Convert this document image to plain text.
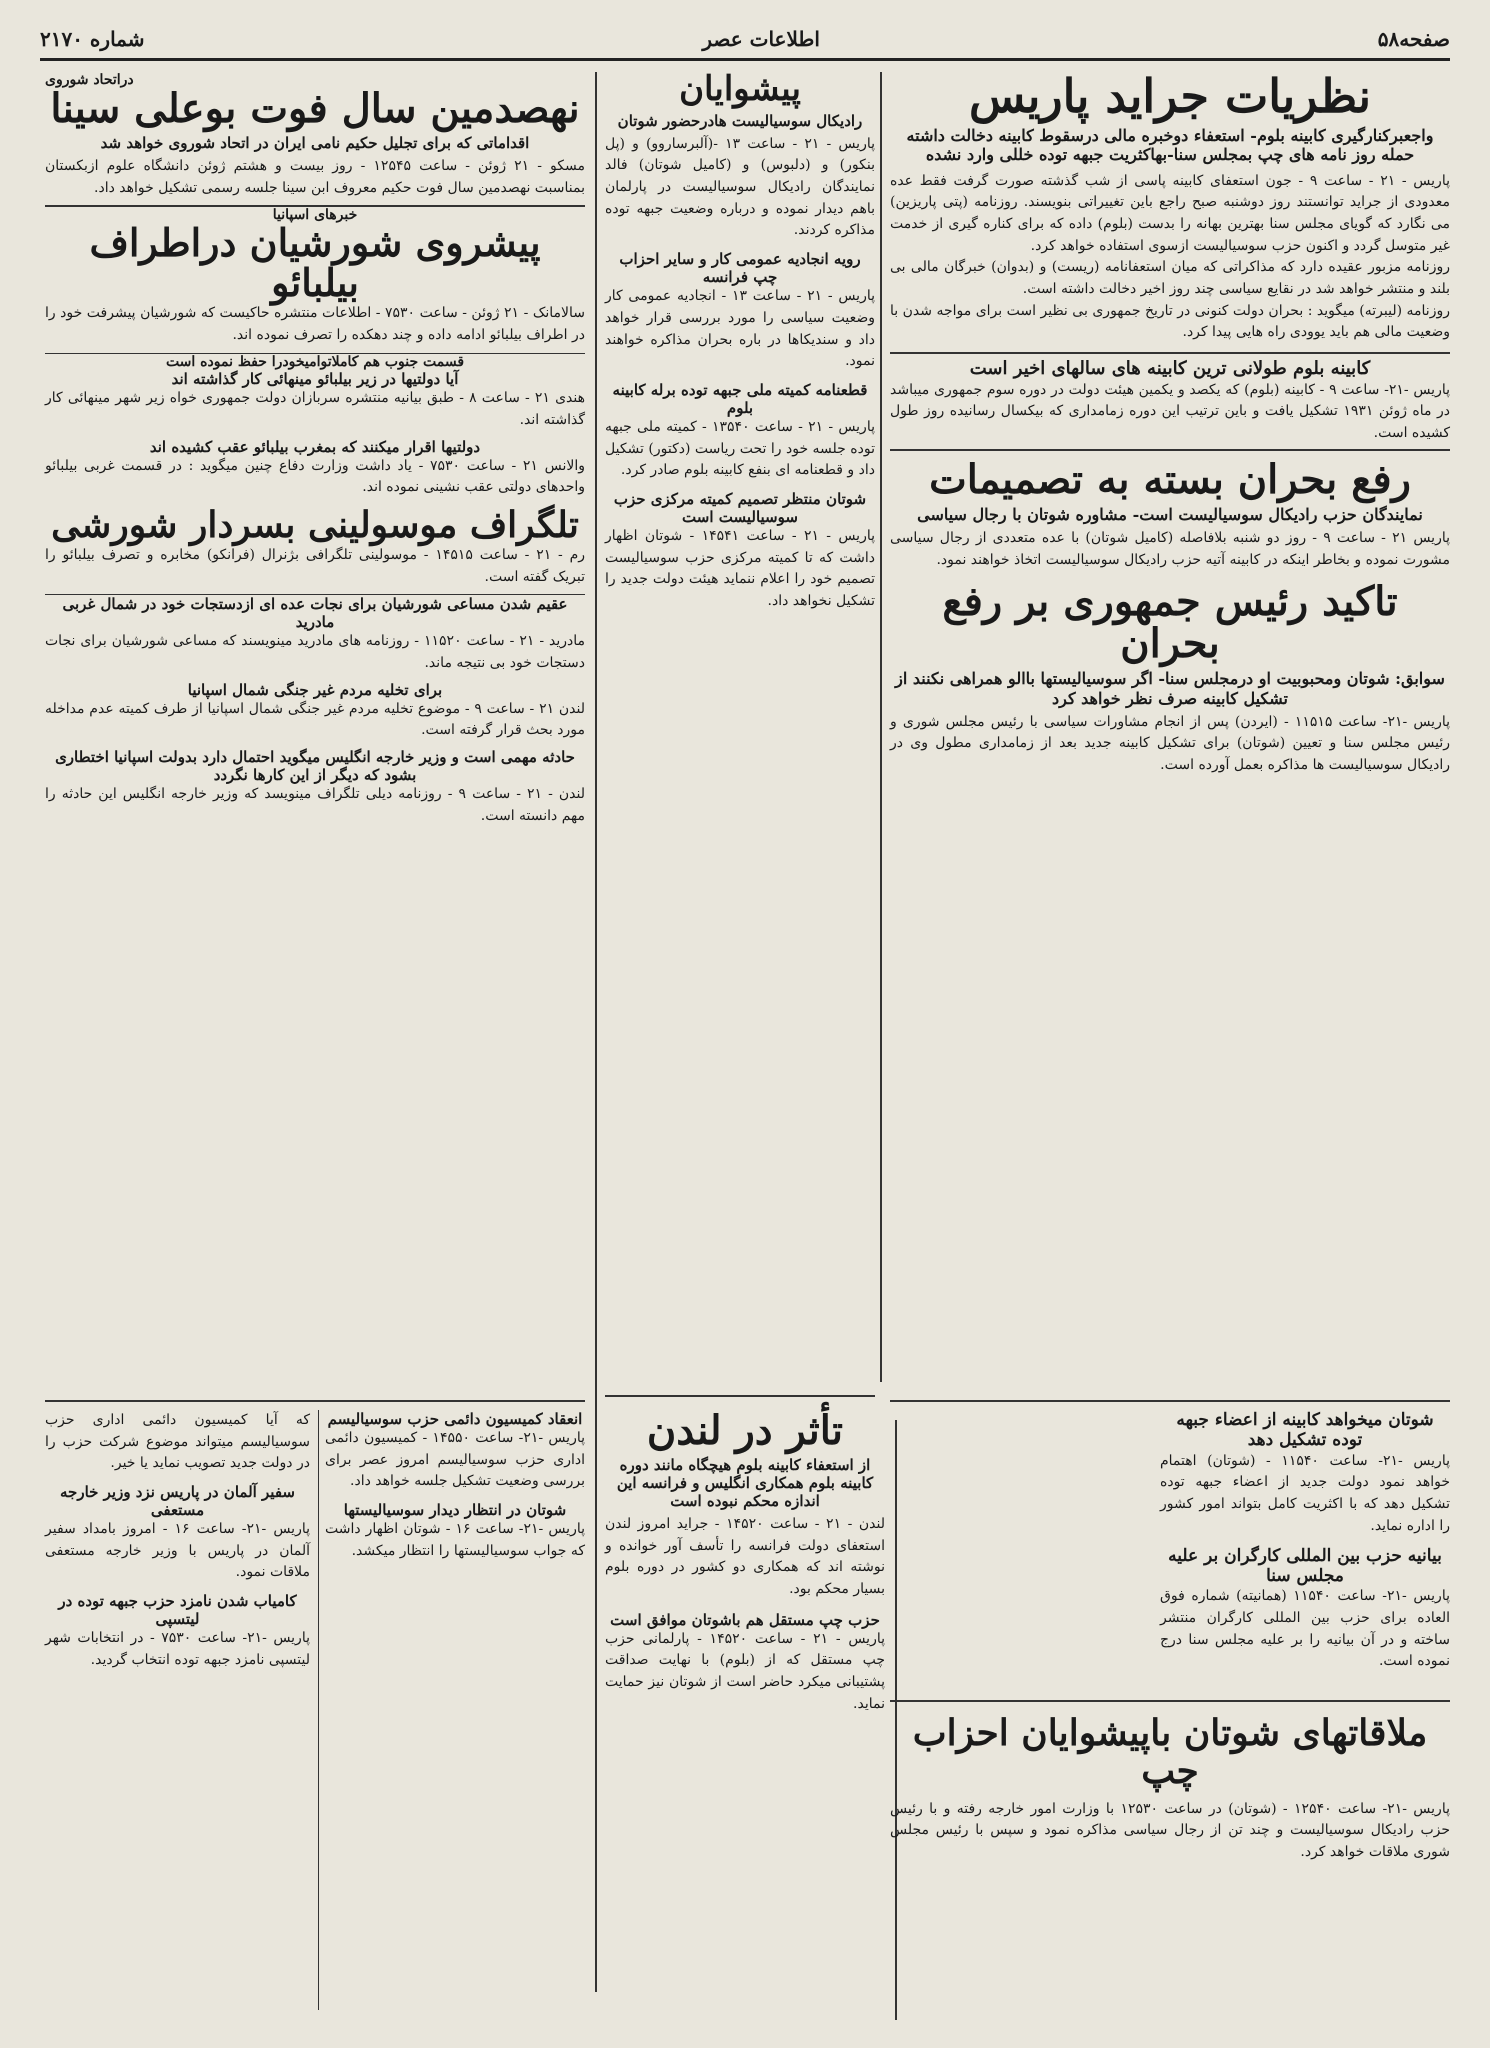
صفحه۵۸
اطلاعات عصر
شماره ۲۱۷۰
نظریات جراید پاریس
واجعبرکنارگیری کابینه بلوم- استعفاء دوخبره مالی درسقوط کابینه دخالت داشته حمله روز نامه های چپ بمجلس سنا-بهاکثریت جبهه توده خللی وارد نشده

پاریس - ۲۱ - ساعت ۹ - جون استعفای کابینه پاسی از شب گذشته صورت گرفت فقط عده معدودی از جراید توانستند روز دوشنبه صبح راجع باین تغییراتی بنویسند. روزنامه (پتی پاریزین) می نگارد که گویای مجلس سنا بهترین بهانه را بدست (بلوم) داده که برای کناره گیری از خدمت غیر متوسل گردد و اکنون حزب سوسیالیست ازسوی استفاده خواهد کرد.

روزنامه مزبور عقیده دارد که مذاکراتی که میان استعفانامه (ریست) و (بدوان) خبرگان مالی بی بلند و منتشر خواهد شد در نقایع سیاسی چند روز اخیر دخالت داشته است.

روزنامه (لیبرته) میگوید : بحران دولت کنونی در تاریخ جمهوری بی نظیر است برای مواجه شدن با وضعیت مالی هم باید یوودی راه هایی پیدا کرد.

کابینه بلوم طولانی ترین کابینه های سالهای اخیر است

پاریس -۲۱- ساعت ۹ - کابینه (بلوم) که یکصد و یکمین هیئت دولت در دوره سوم جمهوری میباشد در ماه ژوئن ۱۹۳۱ تشکیل یافت و باین ترتیب این دوره زمامداری که بیکسال رسانیده روز طول کشیده است.

رفع بحران بسته به تصمیمات
نمایندگان حزب رادیکال سوسیالیست است- مشاوره شوتان با رجال سیاسی

پاریس ۲۱ - ساعت ۹ - روز دو شنبه بلافاصله (کامیل شوتان) با عده متعددی از رجال سیاسی مشورت نموده و بخاطر اینکه در کابینه آتیه حزب رادیکال سوسیالیست اتخاذ خواهند نمود.

تاکید رئیس جمهوری بر رفع بحران
سوابق: شوتان ومحبوبیت او درمجلس سنا- اگر سوسیالیستها باالو همراهی نکنند از تشکیل کابینه صرف نظر خواهد کرد

پاریس -۲۱- ساعت ۱۱۵۱۵ - (ایردن) پس از انجام مشاورات سیاسی با رئیس مجلس شوری و رئیس مجلس سنا و تعیین (شوتان) برای تشکیل کابینه جدید بعد از زمامداری مطول وی در رادیکال سوسیالیست ها مذاکره بعمل آورده است.

شوتان میخواهد کابینه از اعضاء جبهه توده تشکیل دهد

پاریس -۲۱- ساعت ۱۱۵۴۰ - (شوتان) اهتمام خواهد نمود دولت جدید از اعضاء جبهه توده تشکیل دهد که با اکثریت کامل بتواند امور کشور را اداره نماید.

بیانیه حزب بین المللی کارگران بر علیه مجلس سنا

پاریس -۲۱- ساعت ۱۱۵۴۰ (همانیته) شماره فوق العاده برای حزب بین المللی کارگران منتشر ساخته و در آن بیانیه را بر علیه مجلس سنا درج نموده است.

ملاقاتهای شوتان باپیشوایان احزاب چپ

پاریس -۲۱- ساعت ۱۲۵۴۰ - (شوتان) در ساعت ۱۲۵۳۰ با وزارت امور خارجه رفته و با رئیس حزب رادیکال سوسیالیست و چند تن از رجال سیاسی مذاکره نمود و سپس با رئیس مجلس شوری ملاقات خواهد کرد.

پیشوایان
رادیکال سوسیالیست هادرحضور شوتان

پاریس - ۲۱ - ساعت ۱۳ -(آلبرساروو) و (پل بنکور) و (دلبوس) و (کامیل شوتان) فالد نمایندگان رادیکال سوسیالیست در پارلمان باهم دیدار نموده و درباره وضعیت جبهه توده مذاکره کردند.

رویه انجادیه عمومی کار و سایر احزاب چپ فرانسه

پاریس - ۲۱ - ساعت ۱۳ - انجادیه عمومی کار وضعیت سیاسی را مورد بررسی قرار خواهد داد و سندیکاها در باره بحران مذاکره خواهند نمود.

قطعنامه کمیته ملی جبهه توده برله کابینه بلوم

پاریس - ۲۱ - ساعت ۱۳۵۴۰ - کمیته ملی جبهه توده جلسه خود را تحت ریاست (دکتور) تشکیل داد و قطعنامه ای بنفع کابینه بلوم صادر کرد.

شوتان منتظر تصمیم کمیته مرکزی حزب سوسیالیست است

پاریس - ۲۱ - ساعت ۱۴۵۴۱ - شوتان اظهار داشت که تا کمیته مرکزی حزب سوسیالیست تصمیم خود را اعلام ننماید هیئت دولت جدید را تشکیل نخواهد داد.

تأثر در لندن
از استعفاء کابینه بلوم هیچگاه مانند دوره کابینه بلوم همکاری انگلیس و فرانسه این اندازه محکم نبوده است

لندن - ۲۱ - ساعت ۱۴۵۲۰ - جراید امروز لندن استعفای دولت فرانسه را تأسف آور خوانده و نوشته اند که همکاری دو کشور در دوره بلوم بسیار محکم بود.

حزب چپ مستقل هم باشوتان موافق است

پاریس - ۲۱ - ساعت ۱۴۵۲۰ - پارلمانی حزب چپ مستقل که از (بلوم) با نهایت صداقت پشتیبانی میکرد حاضر است از شوتان نیز حمایت نماید.

دراتحاد شوروی
نهصدمین سال فوت بوعلی سینا
اقداماتی که برای تجلیل حکیم نامی ایران در اتحاد شوروی خواهد شد

مسکو - ۲۱ ژوئن - ساعت ۱۲۵۴۵ - روز بیست و هشتم ژوئن دانشگاه علوم ازبکستان بمناسبت نهصدمین سال فوت حکیم معروف ابن سینا جلسه رسمی تشکیل خواهد داد.

خبرهای اسپانیا
پیشروی شورشیان دراطراف بیلبائو

سالامانک - ۲۱ ژوئن - ساعت ۷۵۳۰ - اطلاعات منتشره حاکیست که شورشیان پیشرفت خود را در اطراف بیلبائو ادامه داده و چند دهکده را تصرف نموده اند.

قسمت جنوب هم کاملاتوامیخودرا حفظ نموده است
آیا دولتیها در زیر بیلبائو مینهائی کار گذاشته اند

هندی ۲۱ - ساعت ۸ - طبق بیانیه منتشره سربازان دولت جمهوری خواه زیر شهر مینهائی کار گذاشته اند.

دولتیها اقرار میکنند که بمغرب بیلبائو عقب کشیده اند

والانس ۲۱ - ساعت ۷۵۳۰ - یاد داشت وزارت دفاع چنین میگوید : در قسمت غربی بیلبائو واحدهای دولتی عقب نشینی نموده اند.

تلگراف موسولینی بسردار شورشی

رم - ۲۱ - ساعت ۱۴۵۱۵ - موسولینی تلگرافی بژنرال (فرانکو) مخابره و تصرف بیلبائو را تبریک گفته است.

عقیم شدن مساعی شورشیان برای نجات عده ای ازدستجات خود در شمال غربی مادرید

مادرید - ۲۱ - ساعت ۱۱۵۲۰ - روزنامه های مادرید مینویسند که مساعی شورشیان برای نجات دستجات خود بی نتیجه ماند.

برای تخلیه مردم غیر جنگی شمال اسپانیا

لندن ۲۱ - ساعت ۹ - موضوع تخلیه مردم غیر جنگی شمال اسپانیا از طرف کمیته عدم مداخله مورد بحث قرار گرفته است.

حادثه مهمی است و وزیر خارجه انگلیس میگوید احتمال دارد بدولت اسپانیا اختطاری بشود که دیگر از این کارها نگردد

لندن - ۲۱ - ساعت ۹ - روزنامه دیلی تلگراف مینویسد که وزیر خارجه انگلیس این حادثه را مهم دانسته است.

که آیا کمیسیون دائمی اداری حزب سوسیالیسم میتواند موضوع شرکت حزب را در دولت جدید تصویب نماید یا خیر.

سفیر آلمان در پاریس نزد وزیر خارجه مستعفی

پاریس -۲۱- ساعت ۱۶ - امروز بامداد سفیر آلمان در پاریس با وزیر خارجه مستعفی ملاقات نمود.

کامیاب شدن نامزد حزب جبهه توده در لیتسپی

پاریس -۲۱- ساعت ۷۵۳۰ - در انتخابات شهر لیتسپی نامزد جبهه توده انتخاب گردید.

انعقاد کمیسیون دائمی حزب سوسیالیسم

پاریس -۲۱- ساعت ۱۴۵۵۰ - کمیسیون دائمی اداری حزب سوسیالیسم امروز عصر برای بررسی وضعیت تشکیل جلسه خواهد داد.

شوتان در انتظار دیدار سوسیالیستها

پاریس -۲۱- ساعت ۱۶ - شوتان اظهار داشت که جواب سوسیالیستها را انتظار میکشد.
